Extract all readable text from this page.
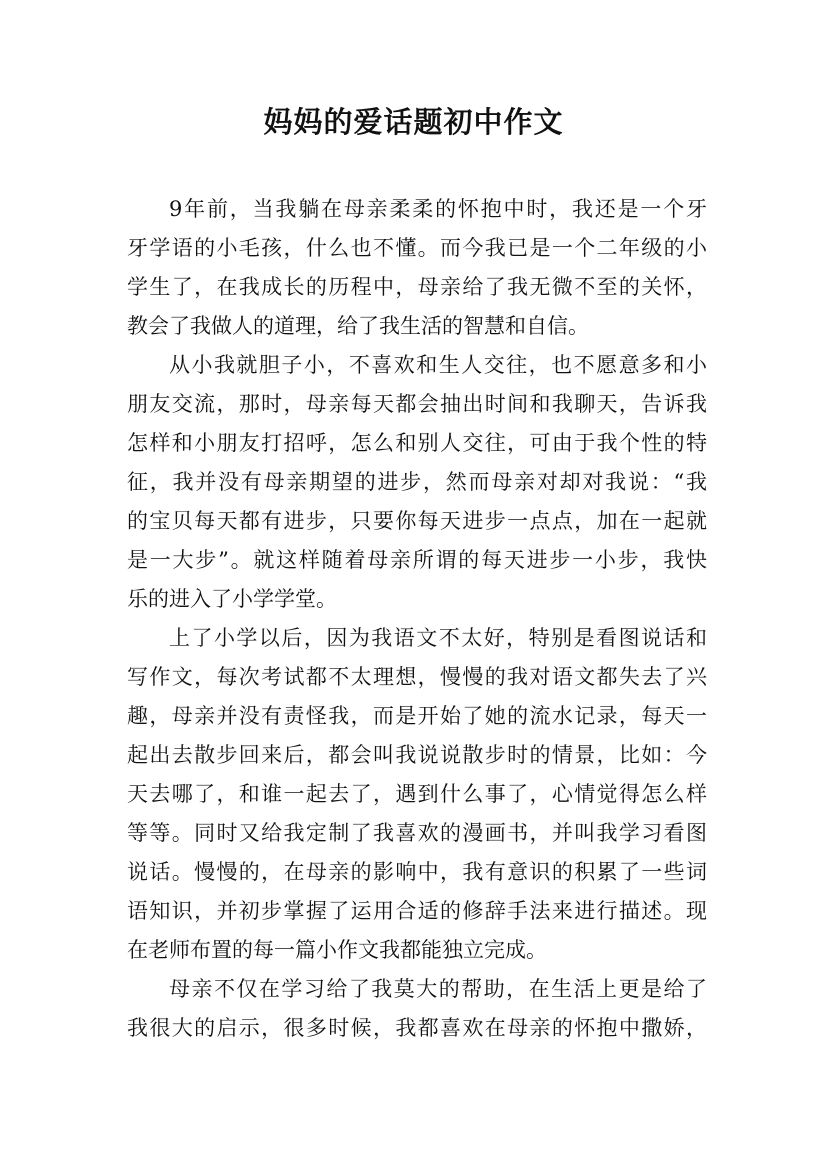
妈妈的爱话题初中作文
9年前，当我躺在母亲柔柔的怀抱中时，我还是一个牙
牙学语的小毛孩，什么也不懂。而今我已是一个二年级的小
学生了，在我成长的历程中，母亲给了我无微不至的关怀，
教会了我做人的道理，给了我生活的智慧和自信。
从小我就胆子小，不喜欢和生人交往，也不愿意多和小
朋友交流，那时，母亲每天都会抽出时间和我聊天，告诉我
怎样和小朋友打招呼，怎么和别人交往，可由于我个性的特
征，我并没有母亲期望的进步，然而母亲对却对我说：“我
的宝贝每天都有进步，只要你每天进步一点点，加在一起就
是一大步”。就这样随着母亲所谓的每天进步一小步，我快
乐的进入了小学学堂。
上了小学以后，因为我语文不太好，特别是看图说话和
写作文，每次考试都不太理想，慢慢的我对语文都失去了兴
趣，母亲并没有责怪我，而是开始了她的流水记录，每天一
起出去散步回来后，都会叫我说说散步时的情景，比如：今
天去哪了，和谁一起去了，遇到什么事了，心情觉得怎么样
等等。同时又给我定制了我喜欢的漫画书，并叫我学习看图
说话。慢慢的，在母亲的影响中，我有意识的积累了一些词
语知识，并初步掌握了运用合适的修辞手法来进行描述。现
在老师布置的每一篇小作文我都能独立完成。
母亲不仅在学习给了我莫大的帮助，在生活上更是给了
我很大的启示，很多时候，我都喜欢在母亲的怀抱中撒娇，
